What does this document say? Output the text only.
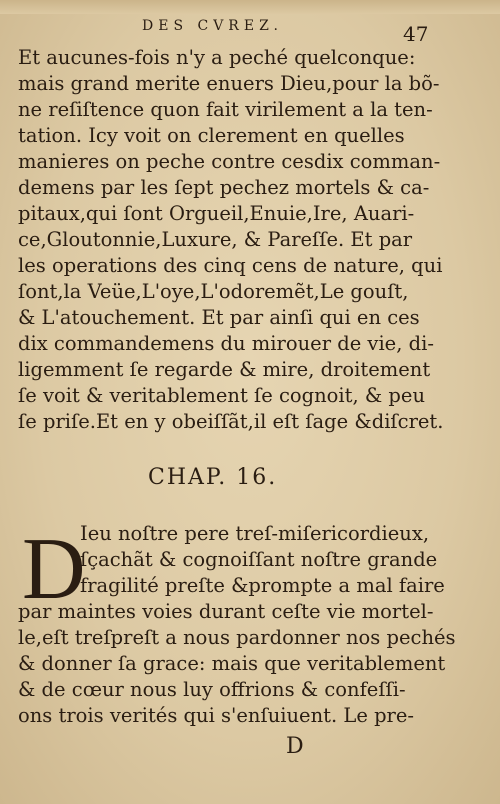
DES CVREZ.	47
Et aucunes-fois n'y a peché quelconque:
mais grand merite enuers Dieu,pour la bõ-
ne reſiſtence quon fait virilement a la ten-
tation. Icy voit on clerement en quelles
manieres on peche contre cesdix comman-
demens par les ſept pechez mortels & ca-
pitaux,qui ſont Orgueil,Enuie,Ire, Auari-
ce,Gloutonnie,Luxure, & Pareſſe. Et par
les operations des cinq cens de nature, qui
ſont,la Veüe,L'oye,L'odoremẽt,Le gouſt,
& L'atouchement. Et par ainſi qui en ces
dix commandemens du mirouer de vie, di-
ligemment ſe regarde & mire, droitement
ſe voit & veritablement ſe cognoit, & peu
ſe priſe.Et en y obeiſſãt,il eſt ſage &diſcret.
CHAP. 16.
D
Ieu noſtre pere treſ-miſericordieux,
ſçachãt & cognoiſſant noſtre grande
fragilité preſte &prompte a mal faire
par maintes voies durant ceſte vie mortel-
le,eſt treſpreſt a nous pardonner nos pechés
& donner ſa grace: mais que veritablement
& de cœur nous luy offrions & confeſſi-
ons trois verités qui s'enſuiuent. Le pre-
D
